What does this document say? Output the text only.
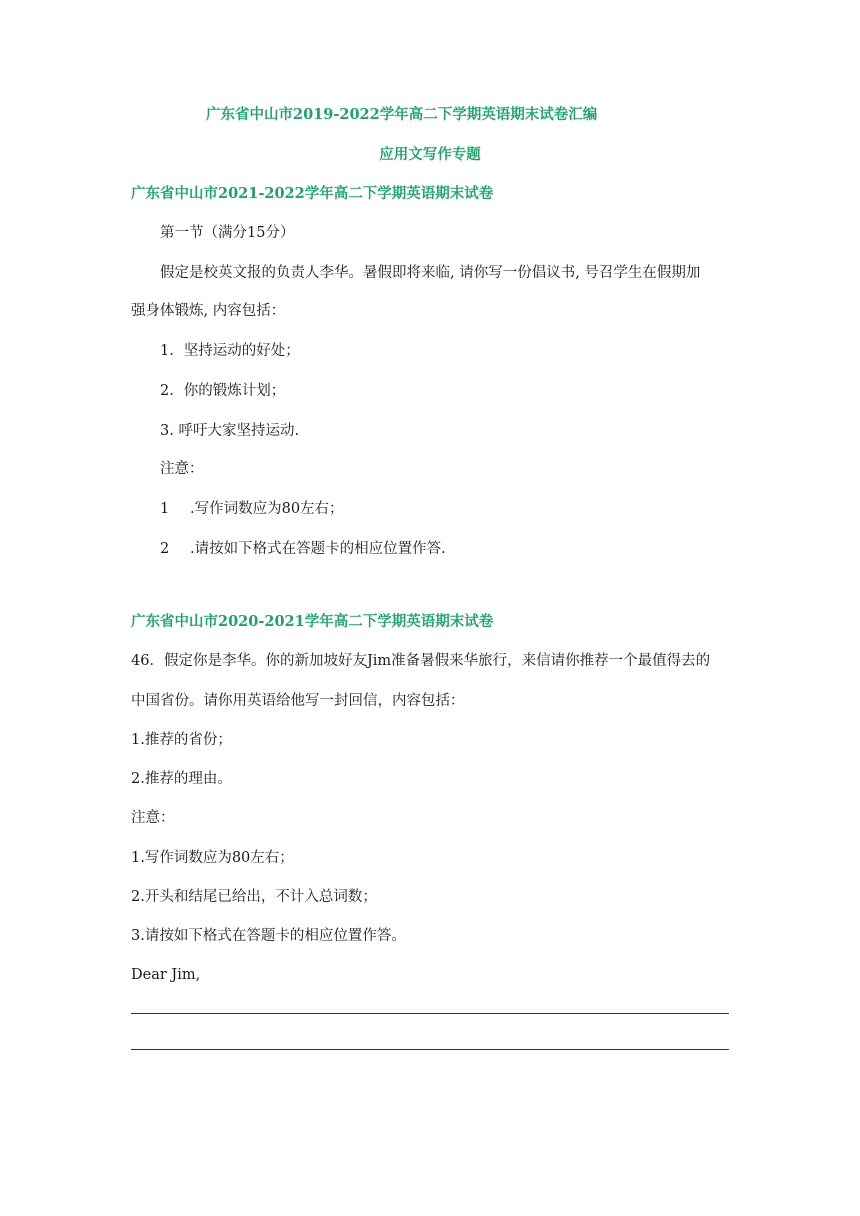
广东省中山市2019-2022学年高二下学期英语期末试卷汇编
应用文写作专题
广东省中山市2021-2022学年高二下学期英语期末试卷
第一节（满分15分）
假定是校英文报的负责人李华。暑假即将来临, 请你写一份倡议书, 号召学生在假期加
强身体锻炼, 内容包括：
1．坚持运动的好处；
2．你的锻炼计划；
3. 呼吁大家坚持运动.
注意：
1 .写作词数应为80左右；
2 .请按如下格式在答题卡的相应位置作答.
广东省中山市2020-2021学年高二下学期英语期末试卷
46．假定你是李华。你的新加坡好友Jim准备暑假来华旅行，来信请你推荐一个最值得去的
中国省份。请你用英语给他写一封回信，内容包括：
1.推荐的省份；
2.推荐的理由。
注意：
1.写作词数应为80左右；
2.开头和结尾已给出，不计入总词数；
3.请按如下格式在答题卡的相应位置作答。
Dear Jim,
